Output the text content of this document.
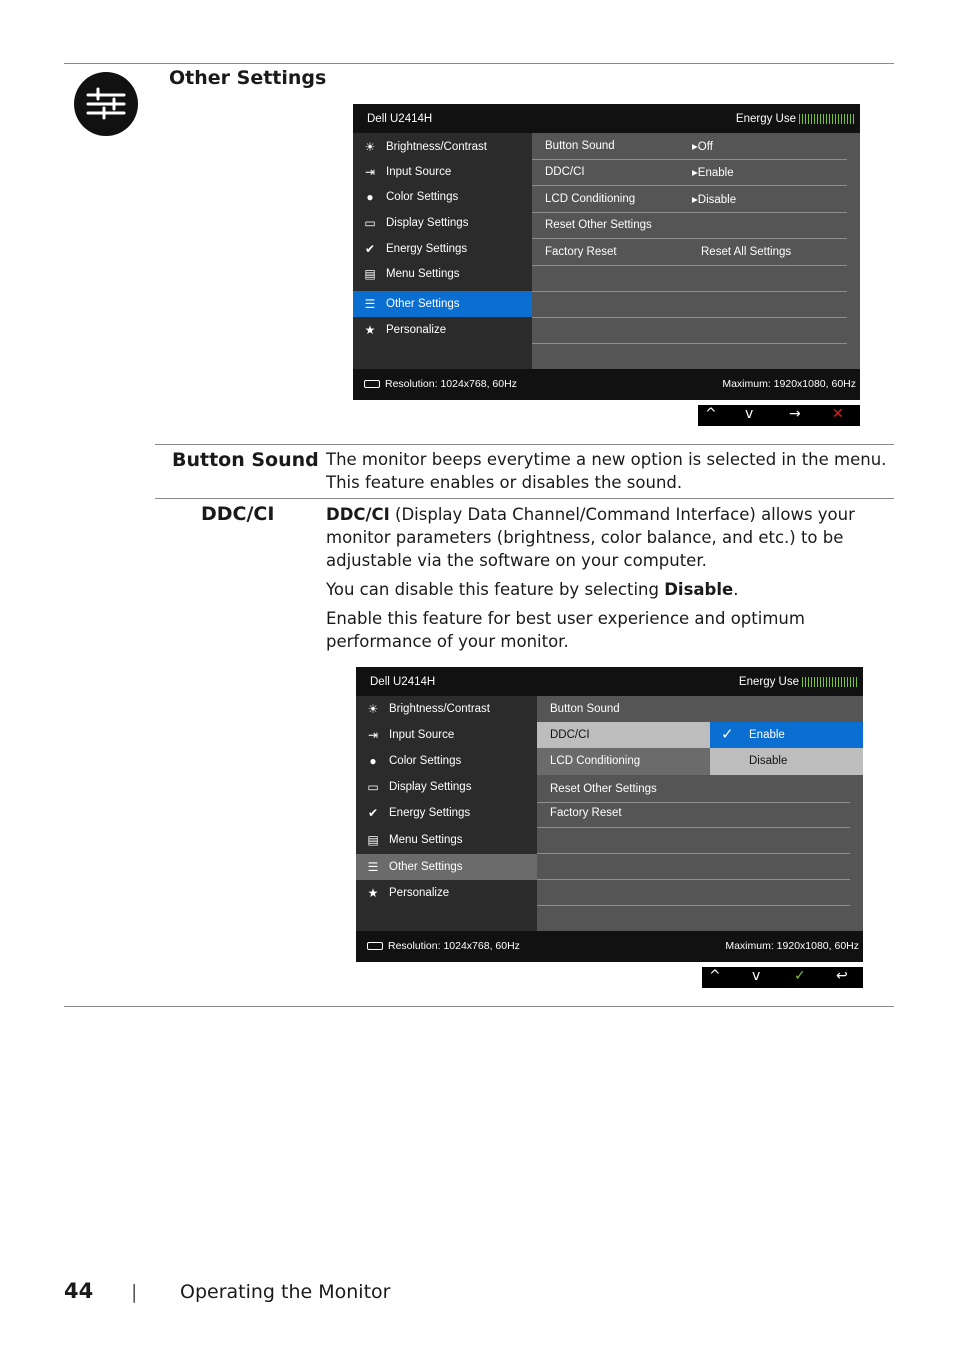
Other Settings
Dell U2414H	Energy Use
☀ Brightness/Contrast
⇥ Input Source
●	Color Settings
▭ Display Settings
✔ Energy Settings
▤ Menu Settings
☰ Other Settings
★ Personalize
Button Sound	▸Off
DDC/CI	▸Enable
LCD Conditioning	▸Disable
Reset Other Settings
Factory Reset	Reset All Settings
Resolution: 1024x768, 60Hz	Maximum: 1920x1080, 60Hz
^ v	→ ✕
Button Sound The monitor beeps everytime a new option is selected in the menu. This feature enables or disables the sound.
DDC/CI	DDC/CI (Display Data Channel/Command Interface) allows your monitor parameters (brightness, color balance, and etc.) to be adjustable via the software on your computer.
You can disable this feature by selecting Disable.
Enable this feature for best user experience and optimum performance of your monitor.
Dell U2414H	Energy Use
☀ Brightness/Contrast
⇥ Input Source
●	Color Settings
▭ Display Settings
✔ Energy Settings
▤ Menu Settings
☰ Other Settings
★ Personalize
Button Sound
DDC/CI
LCD Conditioning
✓ Enable
Disable
Reset Other Settings
Factory Reset
Resolution: 1024x768, 60Hz	Maximum: 1920x1080, 60Hz
^ v ✓ ↩
44 | Operating the Monitor
